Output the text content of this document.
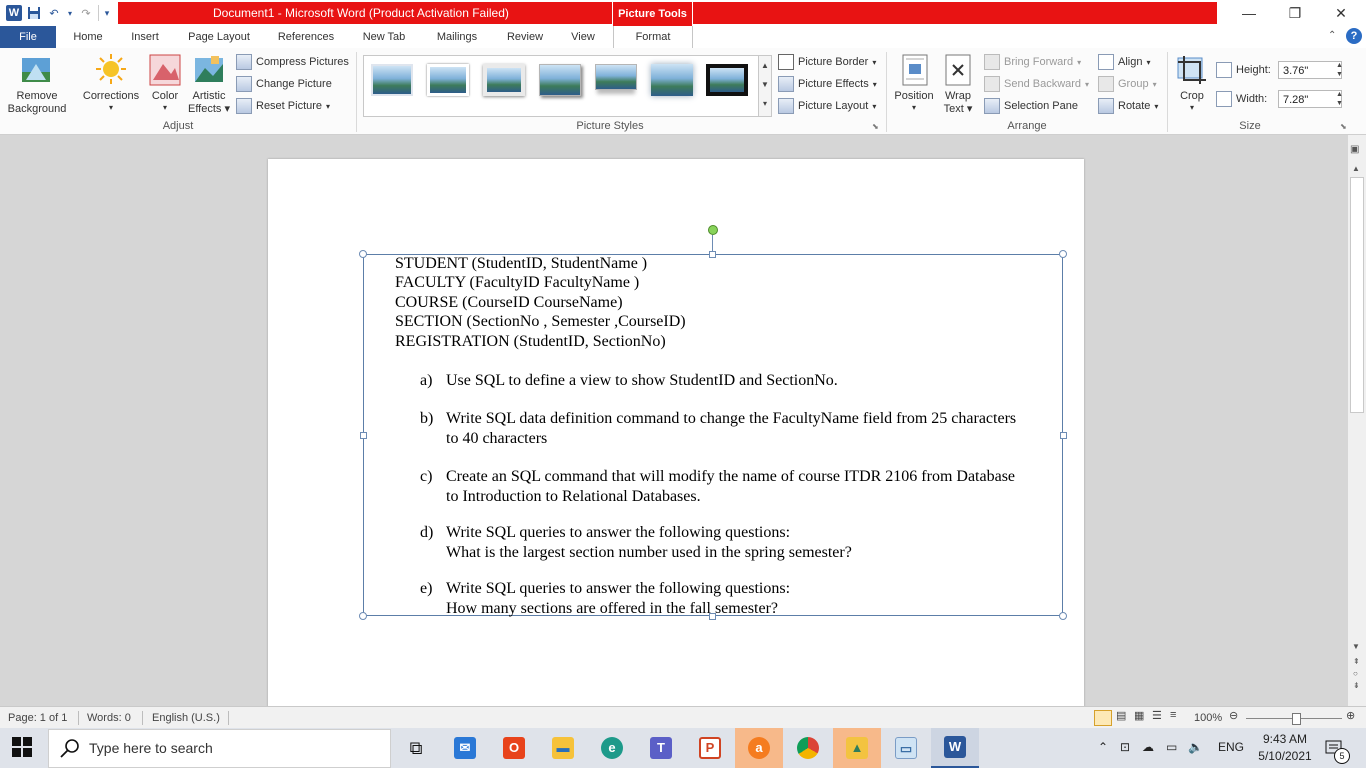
W	↶	▾ ↷	▾	Document1 - Microsoft Word (Product Activation Failed)	Picture Tools	—	❐	✕
File	Home	Insert	Page Layout	References	New Tab	Mailings	Review	View	Format	⌃	?
Remove
Background
Corrections
▾
Color
▾
Artistic
Effects ▾
Compress Pictures
Change Picture
Reset Picture ▾
Adjust
▲
▼
▾
Picture Border ▾
Picture Effects ▾
Picture Layout ▾
Picture Styles	⬊
Position
▾
Wrap
Text ▾
Bring Forward ▾
Send Backward ▾
Selection Pane
Align ▾
Group ▾
Rotate ▾
Arrange
Crop
▾
Height:	3.76"	▲
▼
Width:	7.28"	▲
▼
Size	⬊
STUDENT (StudentID, StudentName )
FACULTY (FacultyID FacultyName )
COURSE (CourseID CourseName)
SECTION (SectionNo , Semester ,CourseID)
REGISTRATION (StudentID, SectionNo)
a) Use SQL to define a view to show StudentID and SectionNo.
b) Write SQL data definition command to change the FacultyName field from 25 characters
to 40 characters
c) Create an SQL command that will modify the name of course ITDR 2106 from Database
to Introduction to Relational Databases.
d) Write SQL queries to answer the following questions:
What is the largest section number used in the spring semester?
e) Write SQL queries to answer the following questions:
How many sections are offered in the fall semester?
▣
▲
▼
⇞
○
⇟
Page: 1 of 1 Words: 0 English (U.S.)	▤ ▦ ☰ ≡ 100% ⊖	⊕
Type here to search	⧉	✉	O	▬	e	T	P	a	▲	▭	W	⌃ ⊡ ☁ ▭ 🔈 ENG
9:43 AM
5/10/2021	5
